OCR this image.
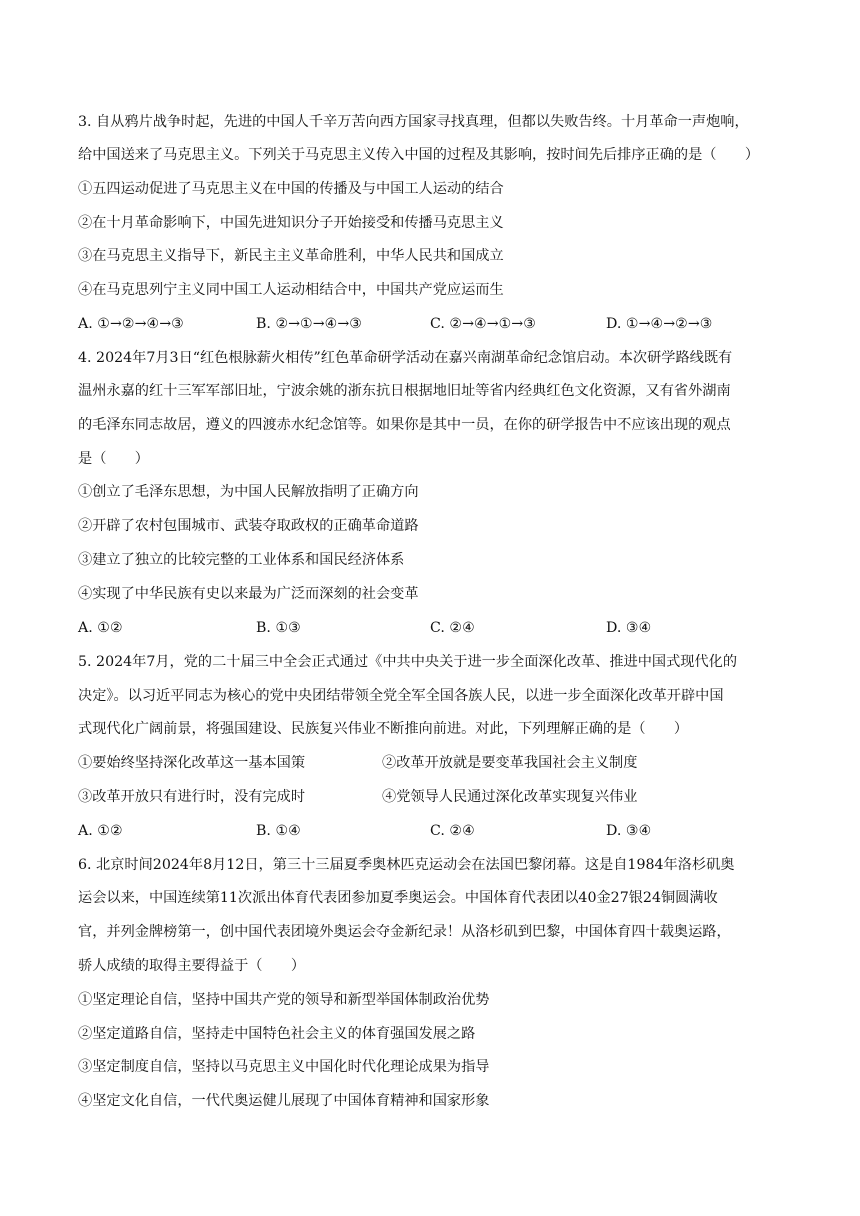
3. 自从鸦片战争时起，先进的中国人千辛万苦向西方国家寻找真理，但都以失败告终。十月革命一声炮响，
给中国送来了马克思主义。下列关于马克思主义传入中国的过程及其影响，按时间先后排序正确的是（　　）
①五四运动促进了马克思主义在中国的传播及与中国工人运动的结合
②在十月革命影响下，中国先进知识分子开始接受和传播马克思主义
③在马克思主义指导下，新民主主义革命胜利，中华人民共和国成立
④在马克思列宁主义同中国工人运动相结合中，中国共产党应运而生
A. ①→②→④→③	B. ②→①→④→③	C. ②→④→①→③	D. ①→④→②→③
4. 2024年7月3日“红色根脉薪火相传”红色革命研学活动在嘉兴南湖革命纪念馆启动。本次研学路线既有
温州永嘉的红十三军军部旧址，宁波余姚的浙东抗日根据地旧址等省内经典红色文化资源，又有省外湖南
的毛泽东同志故居，遵义的四渡赤水纪念馆等。如果你是其中一员，在你的研学报告中不应该出现的观点
是（　　）
①创立了毛泽东思想，为中国人民解放指明了正确方向
②开辟了农村包围城市、武装夺取政权的正确革命道路
③建立了独立的比较完整的工业体系和国民经济体系
④实现了中华民族有史以来最为广泛而深刻的社会变革
A. ①②	B. ①③	C. ②④	D. ③④
5. 2024年7月，党的二十届三中全会正式通过《中共中央关于进一步全面深化改革、推进中国式现代化的
决定》。以习近平同志为核心的党中央团结带领全党全军全国各族人民，以进一步全面深化改革开辟中国
式现代化广阔前景，将强国建设、民族复兴伟业不断推向前进。对此，下列理解正确的是（　　）
①要始终坚持深化改革这一基本国策	②改革开放就是要变革我国社会主义制度
③改革开放只有进行时，没有完成时	④党领导人民通过深化改革实现复兴伟业
A. ①②	B. ①④	C. ②④	D. ③④
6. 北京时间2024年8月12日，第三十三届夏季奥林匹克运动会在法国巴黎闭幕。这是自1984年洛杉矶奥
运会以来，中国连续第11次派出体育代表团参加夏季奥运会。中国体育代表团以40金27银24铜圆满收
官，并列金牌榜第一，创中国代表团境外奥运会夺金新纪录！从洛杉矶到巴黎，中国体育四十载奥运路，
骄人成绩的取得主要得益于（　　）
①坚定理论自信，坚持中国共产党的领导和新型举国体制政治优势
②坚定道路自信，坚持走中国特色社会主义的体育强国发展之路
③坚定制度自信，坚持以马克思主义中国化时代化理论成果为指导
④坚定文化自信，一代代奥运健儿展现了中国体育精神和国家形象
